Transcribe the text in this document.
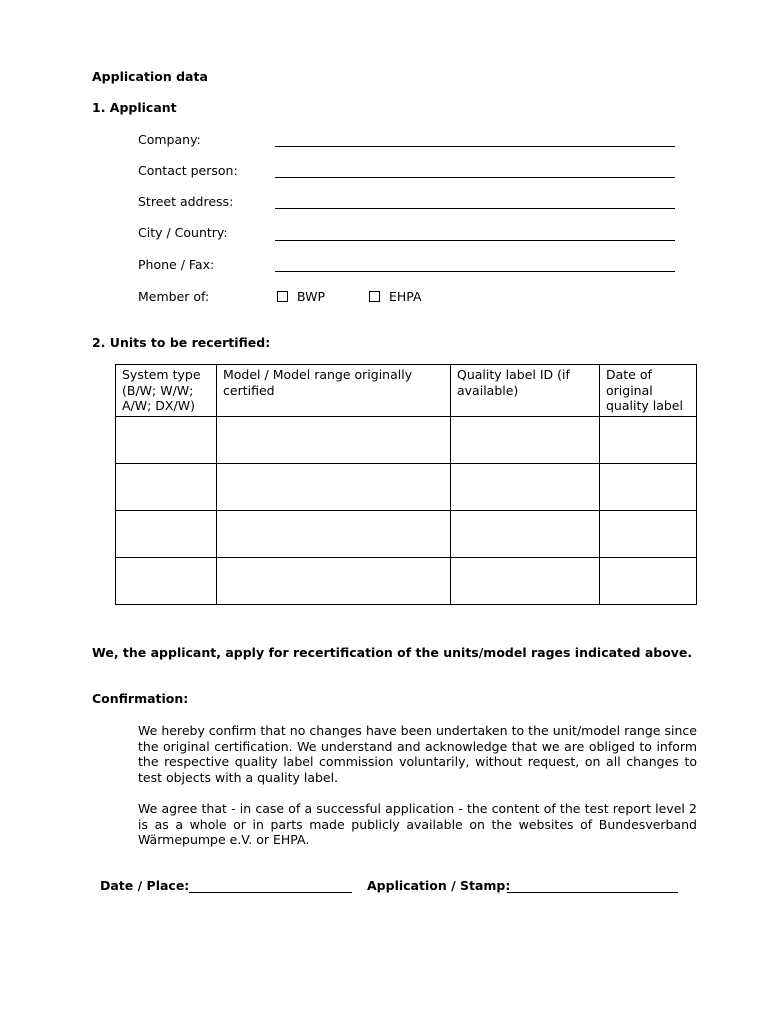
Application data
1. Applicant
Company:
Contact person:
Street address:
City / Country:
Phone / Fax:
Member of:	BWP	EHPA
2. Units to be recertified:
System type (B/W; W/W; A/W; DX/W)	Model / Model range originally certified	Quality label ID (if available)	Date of original quality label

We, the applicant, apply for recertification of the units/model rages indicated above.
Confirmation:
We hereby confirm that no changes have been undertaken to the unit/model range since the original certification. We understand and acknowledge that we are obliged to inform the respective quality label commission voluntarily, without request, on all changes to test objects with a quality label.
We agree that - in case of a successful application - the content of the test report level 2 is as a whole or in parts made publicly available on the websites of Bundesverband Wärmepumpe e.V. or EHPA.
Date / Place:	Application / Stamp:
